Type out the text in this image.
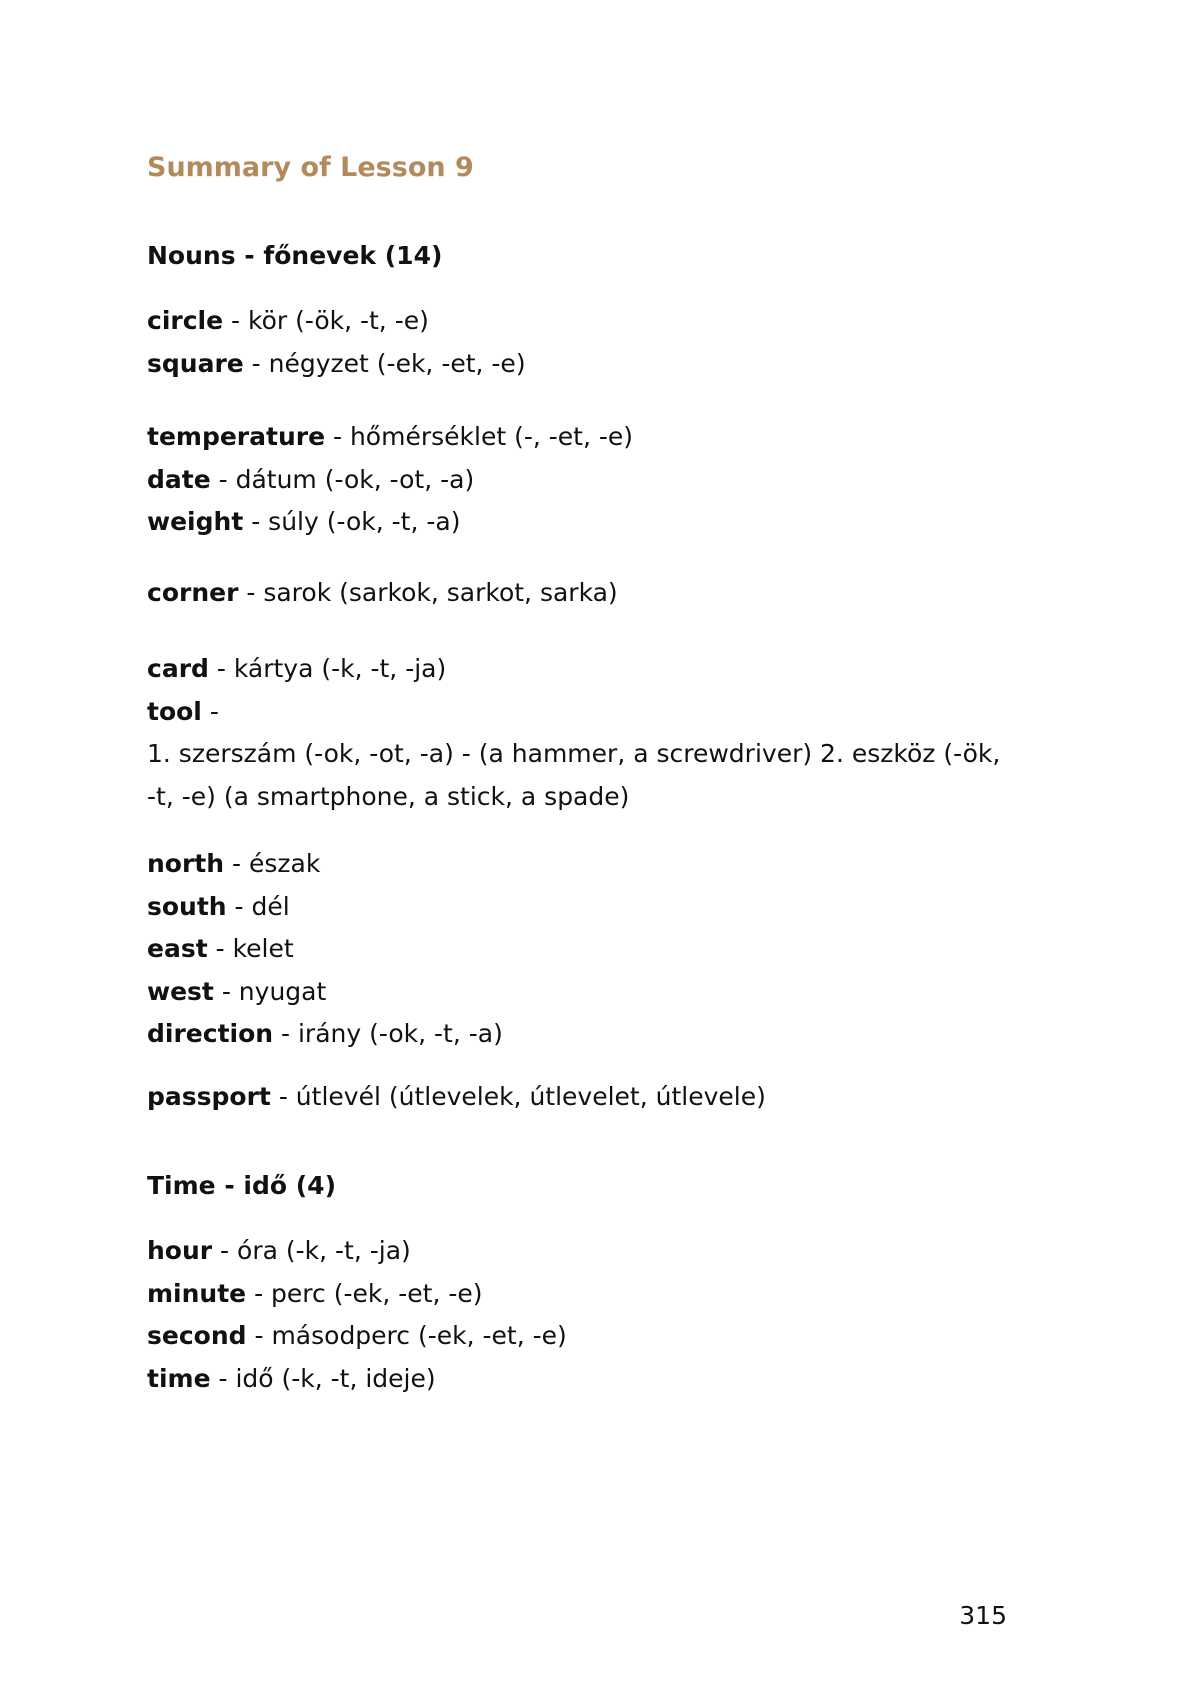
Summary of Lesson 9
Nouns - főnevek (14)

circle - kör (-ök, -t, -e)

square - négyzet (-ek, -et, -e)

temperature - hőmérséklet (-, -et, -e)

date - dátum (-ok, -ot, -a)

weight - súly (-ok, -t, -a)

corner - sarok (sarkok, sarkot, sarka)

card - kártya (-k, -t, -ja)

tool -

1. szerszám (-ok, -ot, -a) - (a hammer, a screwdriver) 2. eszköz (-ök, -t, -e) (a smartphone, a stick, a spade)

north - észak

south - dél

east - kelet

west - nyugat

direction - irány (-ok, -t, -a)

passport - útlevél (útlevelek, útlevelet, útlevele)

Time - idő (4)

hour - óra (-k, -t, -ja)

minute - perc (-ek, -et, -e)

second - másodperc (-ek, -et, -e)

time - idő (-k, -t, ideje)

315
